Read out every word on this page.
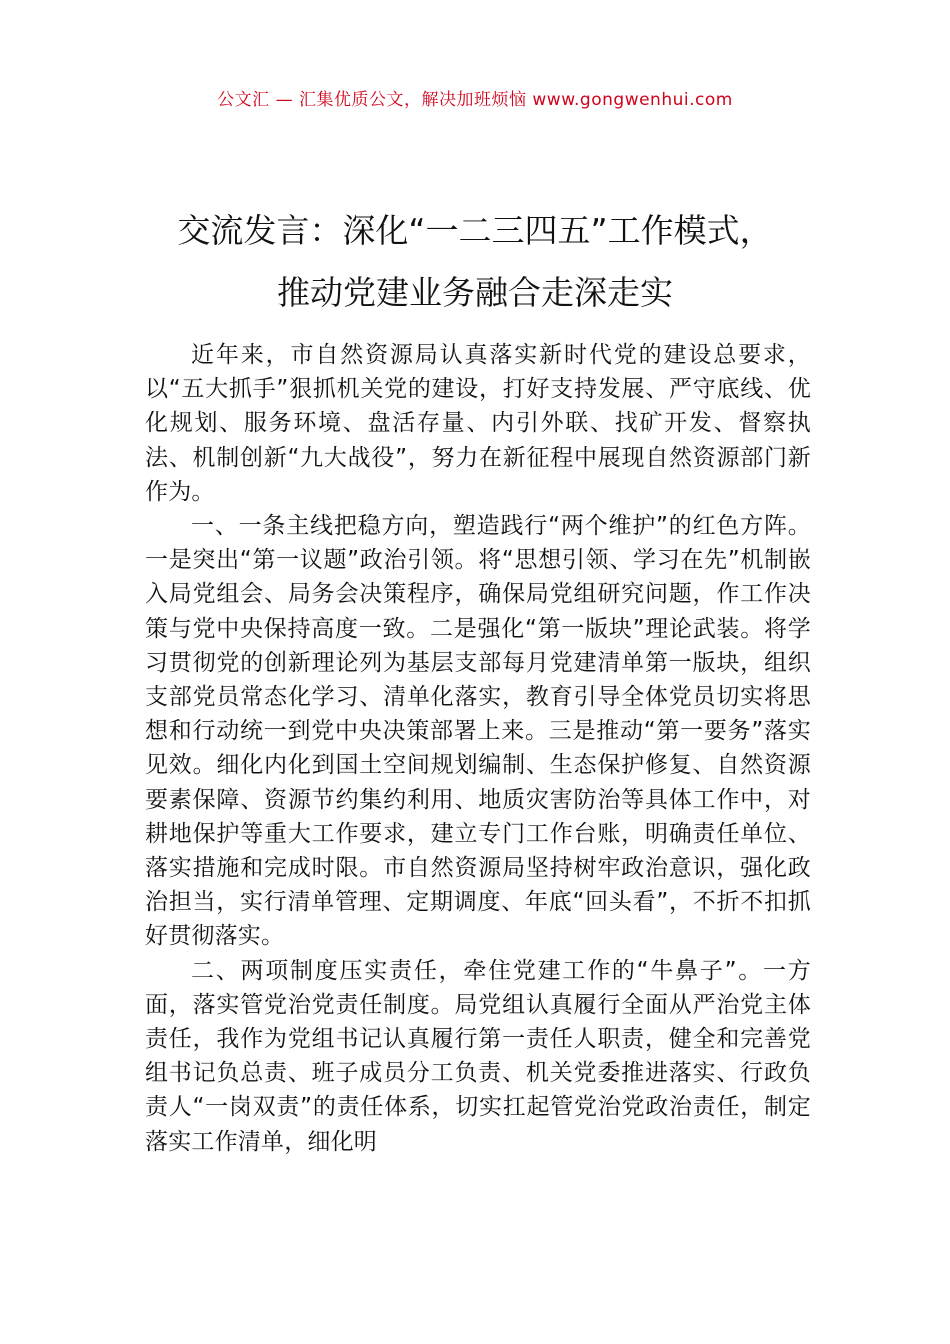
公文汇 — 汇集优质公文，解决加班烦恼 www.gongwenhui.com
交流发言：深化“一二三四五”工作模式，
推动党建业务融合走深走实

近年来，市自然资源局认真落实新时代党的建设总要求，以“五大抓手”狠抓机关党的建设，打好支持发展、严守底线、优化规划、服务环境、盘活存量、内引外联、找矿开发、督察执法、机制创新“九大战役”，努力在新征程中展现自然资源部门新作为。

一、一条主线把稳方向，塑造践行“两个维护”的红色方阵。一是突出“第一议题”政治引领。将“思想引领、学习在先”机制嵌入局党组会、局务会决策程序，确保局党组研究问题，作工作决策与党中央保持高度一致。二是强化“第一版块”理论武装。将学习贯彻党的创新理论列为基层支部每月党建清单第一版块，组织支部党员常态化学习、清单化落实，教育引导全体党员切实将思想和行动统一到党中央决策部署上来。三是推动“第一要务”落实见效。细化内化到国土空间规划编制、生态保护修复、自然资源要素保障、资源节约集约利用、地质灾害防治等具体工作中，对耕地保护等重大工作要求，建立专门工作台账，明确责任单位、落实措施和完成时限。市自然资源局坚持树牢政治意识，强化政治担当，实行清单管理、定期调度、年底“回头看”，不折不扣抓好贯彻落实。

二、两项制度压实责任，牵住党建工作的“牛鼻子”。一方面，落实管党治党责任制度。局党组认真履行全面从严治党主体责任，我作为党组书记认真履行第一责任人职责，健全和完善党组书记负总责、班子成员分工负责、机关党委推进落实、行政负责人“一岗双责”的责任体系，切实扛起管党治党政治责任，制定落实工作清单，细化明
